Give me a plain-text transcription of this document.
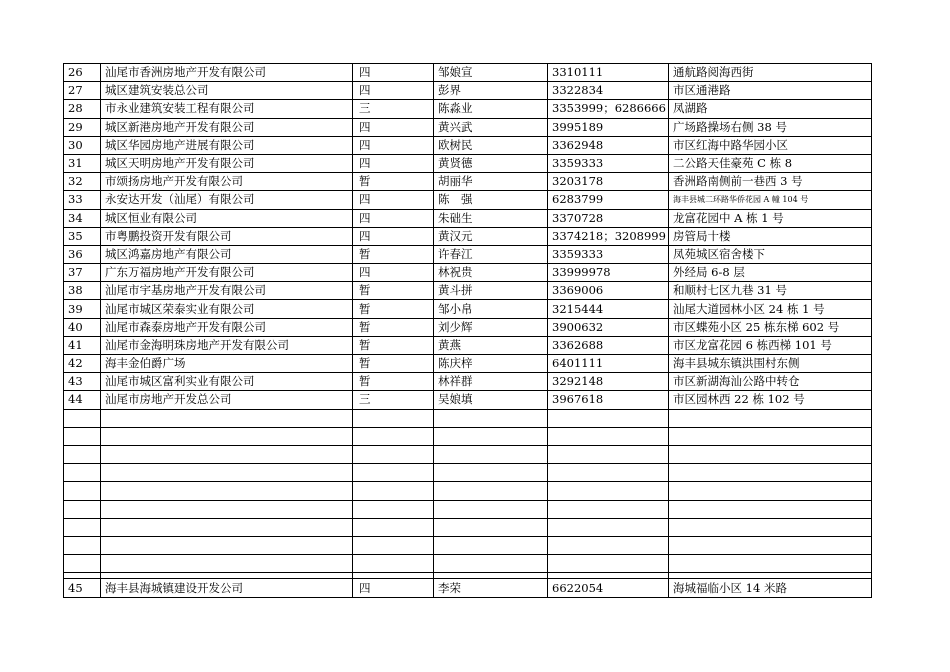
26	汕尾市香洲房地产开发有限公司	四	邹娘宣	3310111	通航路阅海西街
27	城区建筑安装总公司	四	彭界	3322834	市区通港路
28	市永业建筑安装工程有限公司	三	陈淼业	3353999；6286666	凤湖路
29	城区新港房地产开发有限公司	四	黄兴武	3995189	广场路操场右侧 38 号
30	城区华园房地产进展有限公司	四	欧树民	3362948	市区红海中路华园小区
31	城区天明房地产开发有限公司	四	黄贤德	3359333	二公路天佳豪苑 C 栋 8
32	市颂扬房地产开发有限公司	暂	胡丽华	3203178	香洲路南侧前一巷西 3 号
33	永安达开发（汕尾）有限公司	四	陈　强	6283799	海丰县城二环路华侨花园 A 幢 104 号
34	城区恒业有限公司	四	朱础生	3370728	龙富花园中 A 栋 1 号
35	市粤鹏投资开发有限公司	四	黄汉元	3374218；3208999	房管局十楼
36	城区鸿嘉房地产有限公司	暂	许春江	3359333	凤苑城区宿舍楼下
37	广东万福房地产开发有限公司	四	林祝贵	33999978	外经局 6-8 层
38	汕尾市宇基房地产开发有限公司	暂	黄斗拼	3369006	和顺村七区九巷 31 号
39	汕尾市城区荣泰实业有限公司	暂	邹小帛	3215444	汕尾大道园林小区 24 栋 1 号
40	汕尾市森泰房地产开发有限公司	暂	刘少辉	3900632	市区蝶苑小区 25 栋东梯 602 号
41	汕尾市金海明珠房地产开发有限公司	暂	黄燕	3362688	市区龙富花园 6 栋西梯 101 号
42	海丰金伯爵广场	暂	陈庆梓	6401111	海丰县城东镇洪围村东侧
43	汕尾市城区富利实业有限公司	暂	林祥群	3292148	市区新湖海汕公路中转仓
44	汕尾市房地产开发总公司	三	吴娘填	3967618	市区园林西 22 栋 102 号

45	海丰县海城镇建设开发公司	四	李荣	6622054	海城福临小区 14 米路
